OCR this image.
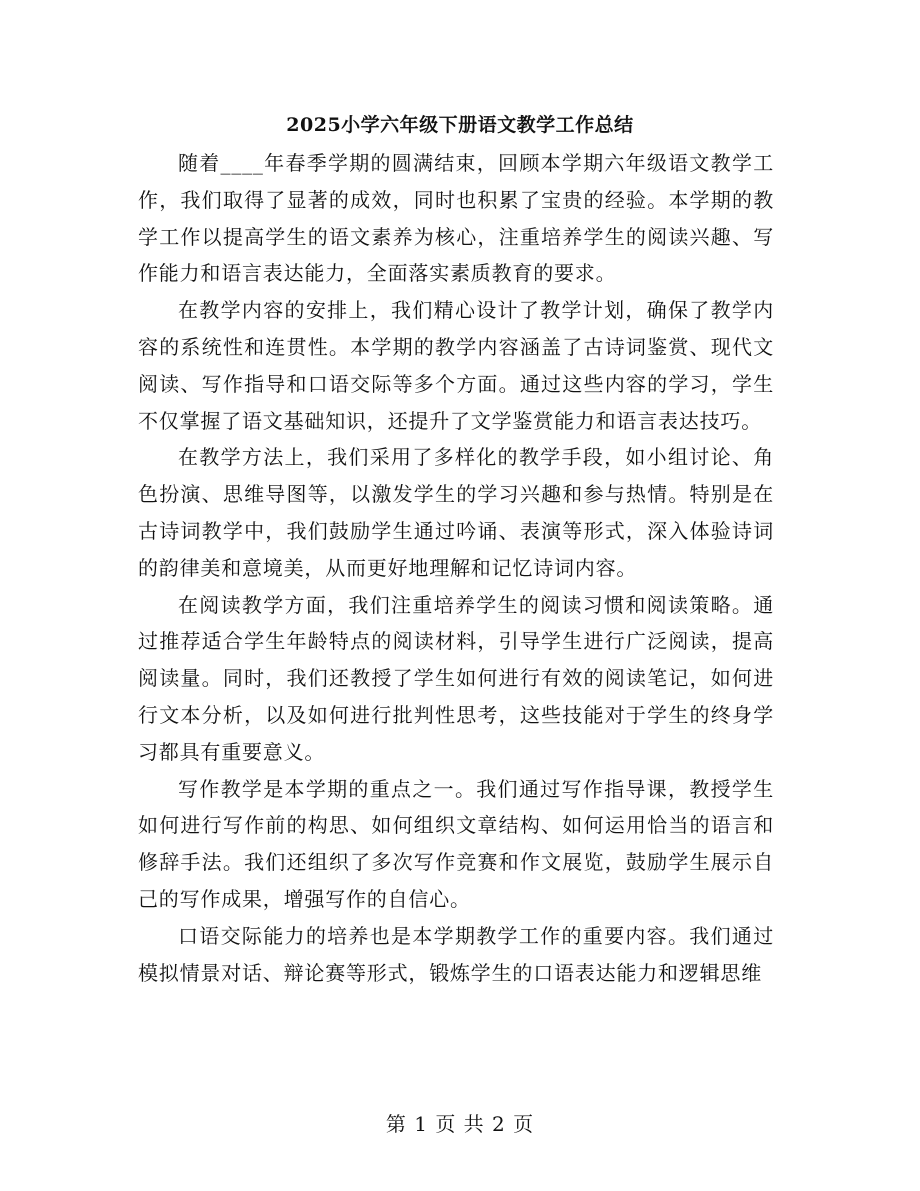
2025小学六年级下册语文教学工作总结

随着____年春季学期的圆满结束，回顾本学期六年级语文教学工作，我们取得了显著的成效，同时也积累了宝贵的经验。本学期的教学工作以提高学生的语文素养为核心，注重培养学生的阅读兴趣、写作能力和语言表达能力，全面落实素质教育的要求。

在教学内容的安排上，我们精心设计了教学计划，确保了教学内容的系统性和连贯性。本学期的教学内容涵盖了古诗词鉴赏、现代文阅读、写作指导和口语交际等多个方面。通过这些内容的学习，学生不仅掌握了语文基础知识，还提升了文学鉴赏能力和语言表达技巧。

在教学方法上，我们采用了多样化的教学手段，如小组讨论、角色扮演、思维导图等，以激发学生的学习兴趣和参与热情。特别是在古诗词教学中，我们鼓励学生通过吟诵、表演等形式，深入体验诗词的韵律美和意境美，从而更好地理解和记忆诗词内容。

在阅读教学方面，我们注重培养学生的阅读习惯和阅读策略。通过推荐适合学生年龄特点的阅读材料，引导学生进行广泛阅读，提高阅读量。同时，我们还教授了学生如何进行有效的阅读笔记，如何进行文本分析，以及如何进行批判性思考，这些技能对于学生的终身学习都具有重要意义。

写作教学是本学期的重点之一。我们通过写作指导课，教授学生如何进行写作前的构思、如何组织文章结构、如何运用恰当的语言和修辞手法。我们还组织了多次写作竞赛和作文展览，鼓励学生展示自己的写作成果，增强写作的自信心。

口语交际能力的培养也是本学期教学工作的重要内容。我们通过模拟情景对话、辩论赛等形式，锻炼学生的口语表达能力和逻辑思维

第 1 页 共 2 页
